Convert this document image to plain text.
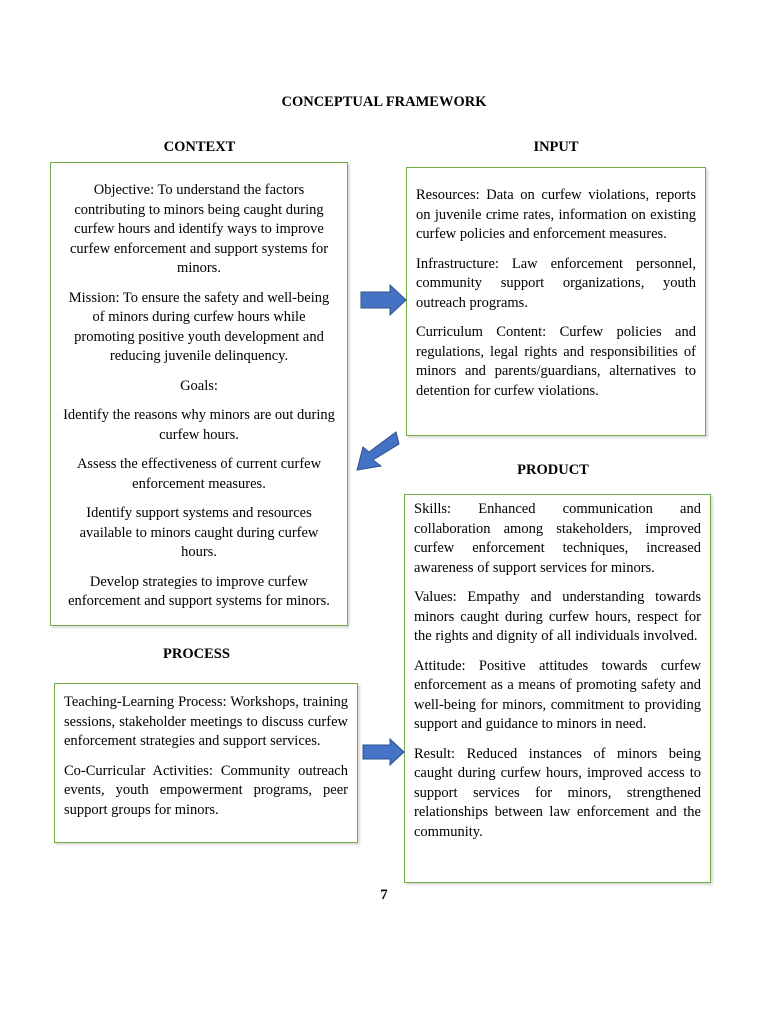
CONCEPTUAL FRAMEWORK
CONTEXT

Objective: To understand the factors contributing to minors being caught during curfew hours and identify ways to improve curfew enforcement and support systems for minors.

Mission: To ensure the safety and well-being of minors during curfew hours while promoting positive youth development and reducing juvenile delinquency.

Goals:

Identify the reasons why minors are out during curfew hours.

Assess the effectiveness of current curfew enforcement measures.

Identify support systems and resources available to minors caught during curfew hours.

Develop strategies to improve curfew enforcement and support systems for minors.

INPUT

Resources: Data on curfew violations, reports on juvenile crime rates, information on existing curfew policies and enforcement measures.

Infrastructure: Law enforcement personnel, community support organizations, youth outreach programs.

Curriculum Content: Curfew policies and regulations, legal rights and responsibilities of minors and parents/guardians, alternatives to detention for curfew violations.

PROCESS

Teaching-Learning Process: Workshops, training sessions, stakeholder meetings to discuss curfew enforcement strategies and support services.

Co-Curricular Activities: Community outreach events, youth empowerment programs, peer support groups for minors.

PRODUCT

Skills: Enhanced communication and collaboration among stakeholders, improved curfew enforcement techniques, increased awareness of support services for minors.

Values: Empathy and understanding towards minors caught during curfew hours, respect for the rights and dignity of all individuals involved.

Attitude: Positive attitudes towards curfew enforcement as a means of promoting safety and well-being for minors, commitment to providing support and guidance to minors in need.

Result: Reduced instances of minors being caught during curfew hours, improved access to support services for minors, strengthened relationships between law enforcement and the community.

7
